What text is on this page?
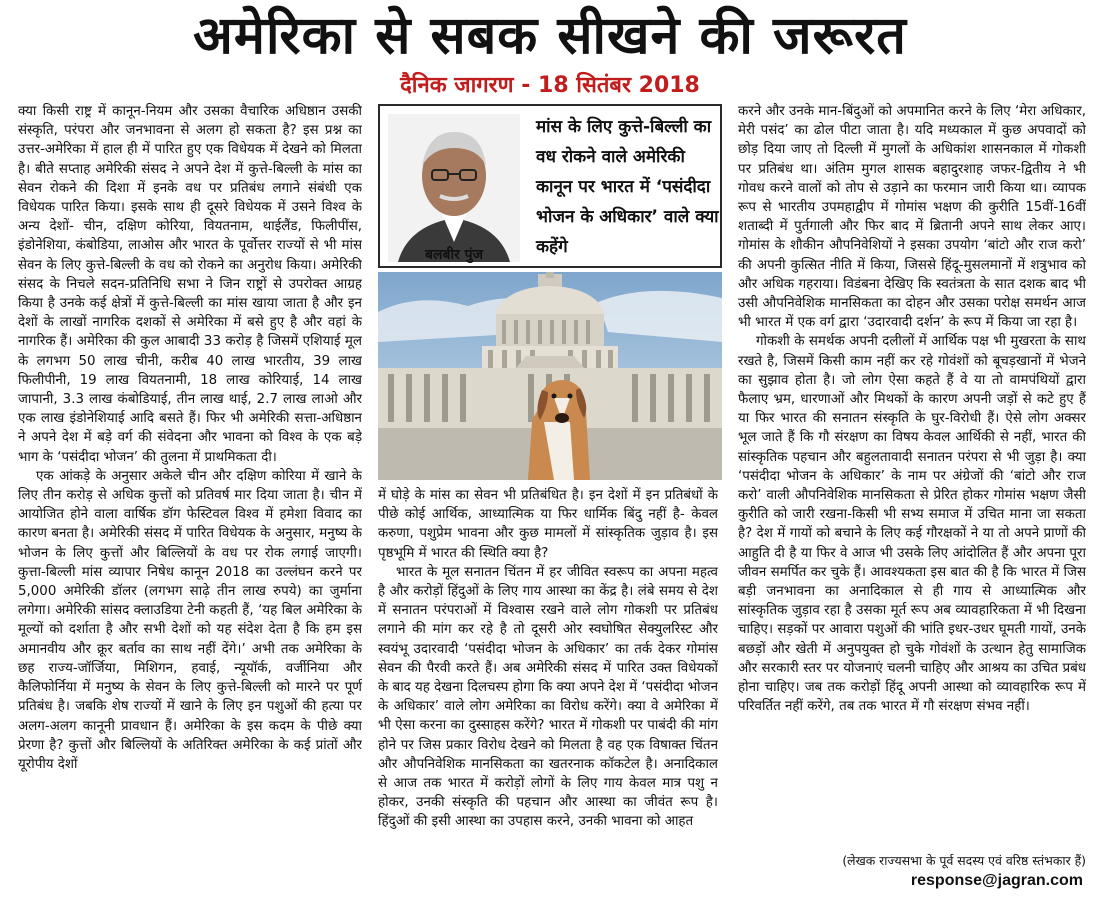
अमेरिका से सबक सीखने की जरूरत
दैनिक जागरण - 18 सितंबर 2018

क्या किसी राष्ट्र में कानून-नियम और उसका वैचारिक अधिष्ठान उसकी संस्कृति, परंपरा और जनभावना से अलग हो सकता है? इस प्रश्न का उत्तर-अमेरिका में हाल ही में पारित हुए एक विधेयक में देखने को मिलता है। बीते सप्ताह अमेरिकी संसद ने अपने देश में कुत्ते-बिल्ली के मांस का सेवन रोकने की दिशा में इनके वध पर प्रतिबंध लगाने संबंधी एक विधेयक पारित किया। इसके साथ ही दूसरे विधेयक में उसने विश्व के अन्य देशों- चीन, दक्षिण कोरिया, वियतनाम, थाईलैंड, फिलीपींस, इंडोनेशिया, कंबोडिया, लाओस और भारत के पूर्वोत्तर राज्यों से भी मांस सेवन के लिए कुत्ते-बिल्ली के वध को रोकने का अनुरोध किया। अमेरिकी संसद के निचले सदन-प्रतिनिधि सभा ने जिन राष्ट्रों से उपरोक्त आग्रह किया है उनके कई क्षेत्रों में कुत्ते-बिल्ली का मांस खाया जाता है और इन देशों के लाखों नागरिक दशकों से अमेरिका में बसे हुए है और वहां के नागरिक हैं। अमेरिका की कुल आबादी 33 करोड़ है जिसमें एशियाई मूल के लगभग 50 लाख चीनी, करीब 40 लाख भारतीय, 39 लाख फिलीपीनी, 19 लाख वियतनामी, 18 लाख कोरियाई, 14 लाख जापानी, 3.3 लाख कंबोडियाई, तीन लाख थाई, 2.7 लाख लाओ और एक लाख इंडोनेशियाई आदि बसते हैं। फिर भी अमेरिकी सत्ता-अधिष्ठान ने अपने देश में बड़े वर्ग की संवेदना और भावना को विश्व के एक बड़े भाग के ‘पसंदीदा भोजन’ की तुलना में प्राथमिकता दी।

एक आंकड़े के अनुसार अकेले चीन और दक्षिण कोरिया में खाने के लिए तीन करोड़ से अधिक कुत्तों को प्रतिवर्ष मार दिया जाता है। चीन में आयोजित होने वाला वार्षिक डॉग फेस्टिवल विश्व में हमेशा विवाद का कारण बनता है। अमेरिकी संसद में पारित विधेयक के अनुसार, मनुष्य के भोजन के लिए कुत्तों और बिल्लियों के वध पर रोक लगाई जाएगी। कुत्ता-बिल्ली मांस व्यापार निषेध कानून 2018 का उल्लंघन करने पर 5,000 अमेरिकी डॉलर (लगभग साढ़े तीन लाख रुपये) का जुर्माना लगेगा। अमेरिकी सांसद क्लाउडिया टेनी कहती हैं, ‘यह बिल अमेरिका के मूल्यों को दर्शाता है और सभी देशों को यह संदेश देता है कि हम इस अमानवीय और क्रूर बर्ताव का साथ नहीं देंगे।’ अभी तक अमेरिका के छह राज्य-जॉर्जिया, मिशिगन, हवाई, न्यूयॉर्क, वर्जीनिया और कैलिफोर्निया में मनुष्य के सेवन के लिए कुत्ते-बिल्ली को मारने पर पूर्ण प्रतिबंध है। जबकि शेष राज्यों में खाने के लिए इन पशुओं की हत्या पर अलग-अलग कानूनी प्रावधान हैं। अमेरिका के इस कदम के पीछे क्या प्रेरणा है? कुत्तों और बिल्लियों के अतिरिक्त अमेरिका के कई प्रांतों और यूरोपीय देशों

बलबीर पुंज
मांस के लिए कुत्ते-बिल्ली का वध रोकने वाले अमेरिकी कानून पर भारत में ‘पसंदीदा भोजन के अधिकार’ वाले क्या कहेंगे

में घोड़े के मांस का सेवन भी प्रतिबंधित है। इन देशों में इन प्रतिबंधों के पीछे कोई आर्थिक, आध्यात्मिक या फिर धार्मिक बिंदु नहीं है- केवल करुणा, पशुप्रेम भावना और कुछ मामलों में सांस्कृतिक जुड़ाव है। इस पृष्ठभूमि में भारत की स्थिति क्या है?

भारत के मूल सनातन चिंतन में हर जीवित स्वरूप का अपना महत्व है और करोड़ों हिंदुओं के लिए गाय आस्था का केंद्र है। लंबे समय से देश में सनातन परंपराओं में विश्वास रखने वाले लोग गोकशी पर प्रतिबंध लगाने की मांग कर रहे है तो दूसरी ओर स्वघोषित सेक्युलरिस्ट और स्वयंभू उदारवादी ‘पसंदीदा भोजन के अधिकार’ का तर्क देकर गोमांस सेवन की पैरवी करते हैं। अब अमेरिकी संसद में पारित उक्त विधेयकों के बाद यह देखना दिलचस्प होगा कि क्या अपने देश में ‘पसंदीदा भोजन के अधिकार’ वाले लोग अमेरिका का विरोध करेंगे। क्या वे अमेरिका में भी ऐसा करना का दुस्साहस करेंगे? भारत में गोकशी पर पाबंदी की मांग होने पर जिस प्रकार विरोध देखने को मिलता है वह एक विषाक्त चिंतन और औपनिवेशिक मानसिकता का खतरनाक कॉकटेल है। अनादिकाल से आज तक भारत में करोड़ों लोगों के लिए गाय केवल मात्र पशु न होकर, उनकी संस्कृति की पहचान और आस्था का जीवंत रूप है। हिंदुओं की इसी आस्था का उपहास करने, उनकी भावना को आहत

करने और उनके मान-बिंदुओं को अपमानित करने के लिए ‘मेरा अधिकार, मेरी पसंद’ का ढोल पीटा जाता है। यदि मध्यकाल में कुछ अपवादों को छोड़ दिया जाए तो दिल्ली में मुगलों के अधिकांश शासनकाल में गोकशी पर प्रतिबंध था। अंतिम मुगल शासक बहादुरशाह जफर-द्वितीय ने भी गोवध करने वालों को तोप से उड़ाने का फरमान जारी किया था। व्यापक रूप से भारतीय उपमहाद्वीप में गोमांस भक्षण की कुरीति 15वीं-16वीं शताब्दी में पुर्तगाली और फिर बाद में ब्रितानी अपने साथ लेकर आए। गोमांस के शौकीन औपनिवेशियों ने इसका उपयोग ‘बांटो और राज करो’ की अपनी कुत्सित नीति में किया, जिससे हिंदू-मुसलमानों में शत्रुभाव को और अधिक गहराया। विडंबना देखिए कि स्वतंत्रता के सात दशक बाद भी उसी औपनिवेशिक मानसिकता का दोहन और उसका परोक्ष समर्थन आज भी भारत में एक वर्ग द्वारा ‘उदारवादी दर्शन’ के रूप में किया जा रहा है।

गोकशी के समर्थक अपनी दलीलों में आर्थिक पक्ष भी मुखरता के साथ रखते है, जिसमें किसी काम नहीं कर रहे गोवंशों को बूचड़खानों में भेजने का सुझाव होता है। जो लोग ऐसा कहते हैं वे या तो वामपंथियों द्वारा फैलाए भ्रम, धारणाओं और मिथकों के कारण अपनी जड़ों से कटे हुए हैं या फिर भारत की सनातन संस्कृति के घुर-विरोधी हैं। ऐसे लोग अक्सर भूल जाते हैं कि गौ संरक्षण का विषय केवल आर्थिकी से नहीं, भारत की सांस्कृतिक पहचान और बहुलतावादी सनातन परंपरा से भी जुड़ा है। क्या ‘पसंदीदा भोजन के अधिकार’ के नाम पर अंग्रेजों की ‘बांटो और राज करो’ वाली औपनिवेशिक मानसिकता से प्रेरित होकर गोमांस भक्षण जैसी कुरीति को जारी रखना-किसी भी सभ्य समाज में उचित माना जा सकता है? देश में गायों को बचाने के लिए कई गौरक्षकों ने या तो अपने प्राणों की आहुति दी है या फिर वे आज भी उसके लिए आंदोलित हैं और अपना पूरा जीवन समर्पित कर चुके हैं। आवश्यकता इस बात की है कि भारत में जिस बड़ी जनभावना का अनादिकाल से ही गाय से आध्यात्मिक और सांस्कृतिक जुड़ाव रहा है उसका मूर्त रूप अब व्यावहारिकता में भी दिखना चाहिए। सड़कों पर आवारा पशुओं की भांति इधर-उधर घूमती गायों, उनके बछड़ों और खेती में अनुपयुक्त हो चुके गोवंशों के उत्थान हेतु सामाजिक और सरकारी स्तर पर योजनाएं चलनी चाहिए और आश्रय का उचित प्रबंध होना चाहिए। जब तक करोड़ों हिंदू अपनी आस्था को व्यावहारिक रूप में परिवर्तित नहीं करेंगे, तब तक भारत में गौ संरक्षण संभव नहीं।

(लेखक राज्यसभा के पूर्व सदस्य एवं वरिष्ठ स्तंभकार हैं)
response@jagran.com
